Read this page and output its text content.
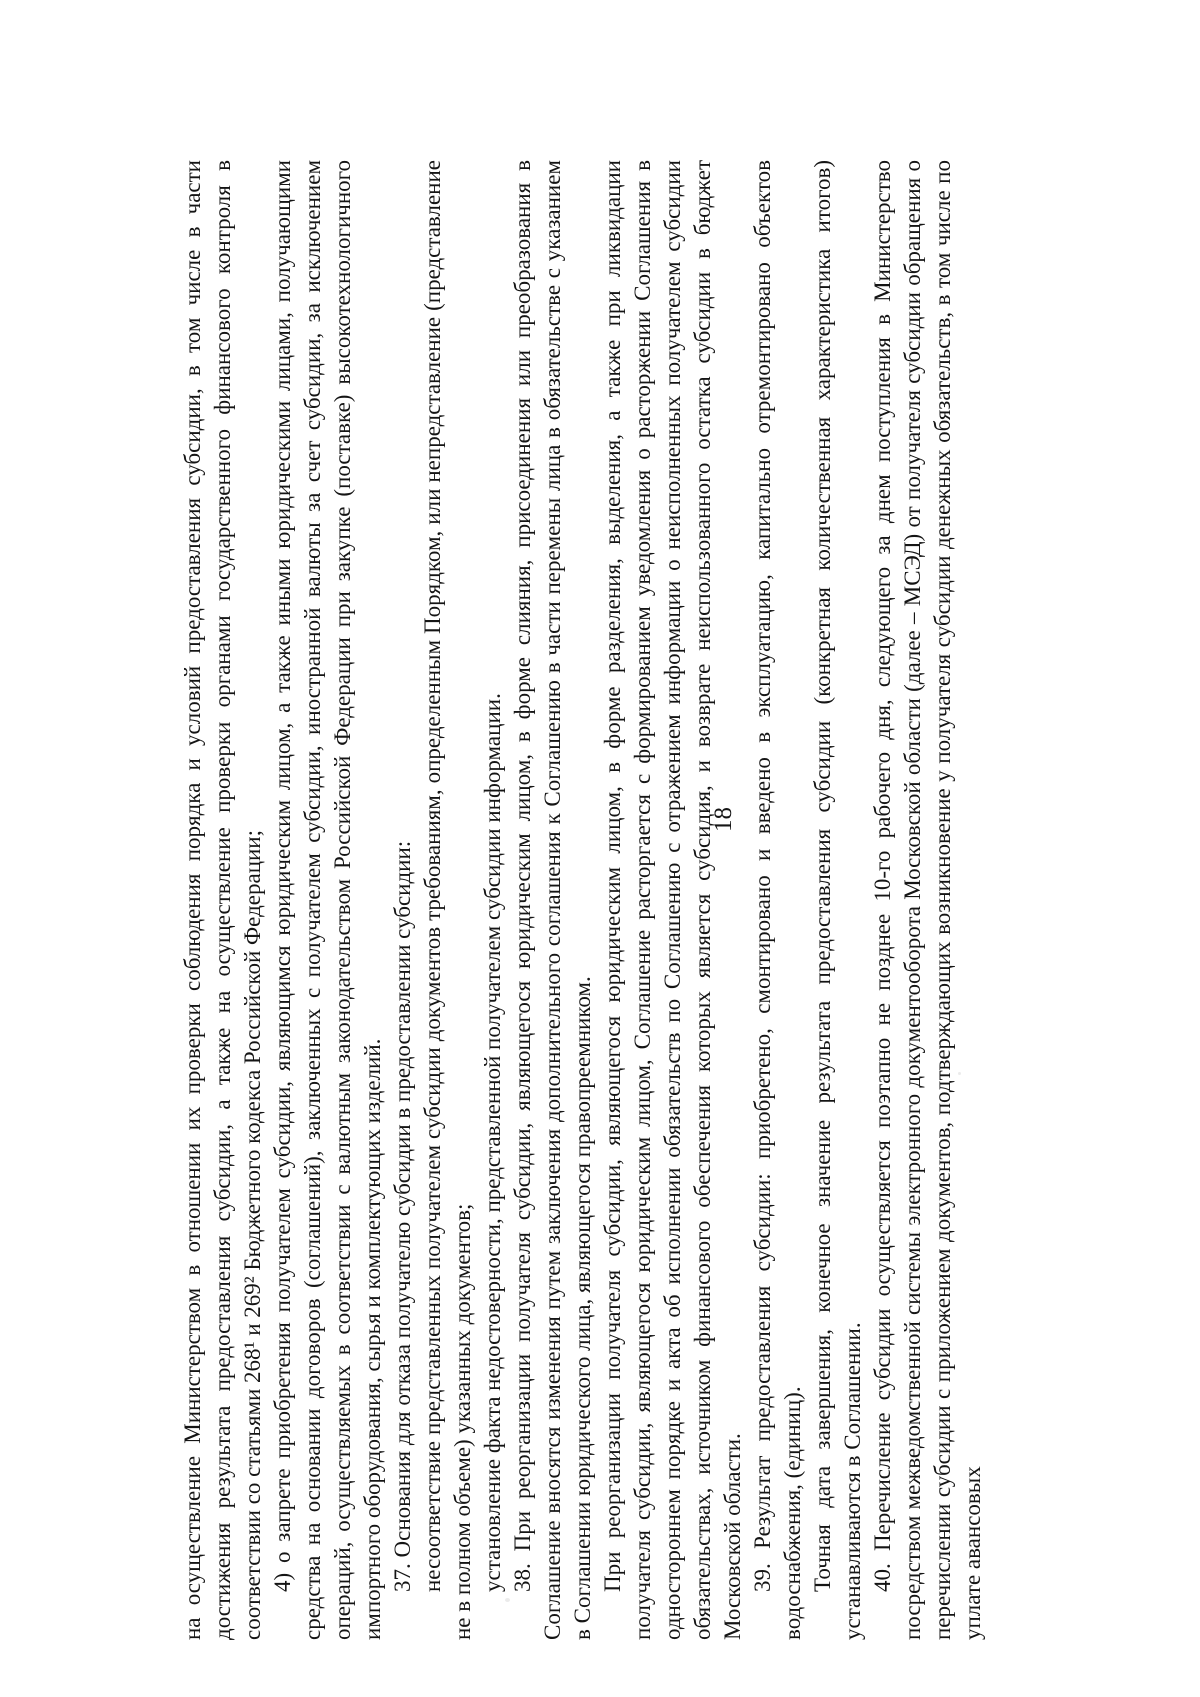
18

на осуществление Министерством в отношении их проверки соблюдения порядка и условий предоставления субсидии, в том числе в части достижения результата предоставления субсидии, а также на осуществление проверки органами государственного финансового контроля в соответствии со статьями 268¹ и 269² Бюджетного кодекса Российской Федерации; 4) о запрете приобретения получателем субсидии, являющимся юридическим лицом, а также иными юридическими лицами, получающими средства на основании договоров (соглашений), заключенных с получателем субсидии, иностранной валюты за счет субсидии, за исключением операций, осуществляемых в соответствии с валютным законодательством Российской Федерации при закупке (поставке) высокотехнологичного импортного оборудования, сырья и комплектующих изделий. 37. Основания для отказа получателю субсидии в предоставлении субсидии: несоответствие представленных получателем субсидии документов требованиям, определенным Порядком, или непредставление (представление не в полном объеме) указанных документов; установление факта недостоверности, представленной получателем субсидии информации. 38. При реорганизации получателя субсидии, являющегося юридическим лицом, в форме слияния, присоединения или преобразования в Соглашение вносятся изменения путем заключения дополнительного соглашения к Соглашению в части перемены лица в обязательстве с указанием в Соглашении юридического лица, являющегося правопреемником. При реорганизации получателя субсидии, являющегося юридическим лицом, в форме разделения, выделения, а также при ликвидации получателя субсидии, являющегося юридическим лицом, Соглашение расторгается с формированием уведомления о расторжении Соглашения в одностороннем порядке и акта об исполнении обязательств по Соглашению с отражением информации о неисполненных получателем субсидии обязательствах, источником финансового обеспечения которых является субсидия, и возврате неиспользованного остатка субсидии в бюджет Московской области. 39. Результат предоставления субсидии: приобретено, смонтировано и введено в эксплуатацию, капитально отремонтировано объектов водоснабжения, (единиц). Точная дата завершения, конечное значение результата предоставления субсидии (конкретная количественная характеристика итогов) устанавливаются в Соглашении. 40. Перечисление субсидии осуществляется поэтапно не позднее 10-го рабочего дня, следующего за днем поступления в Министерство посредством межведомственной системы электронного документооборота Московской области (далее – МСЭД) от получателя субсидии обращения о перечислении субсидии с приложением документов, подтверждающих возникновение у получателя субсидии денежных обязательств, в том числе по уплате авансовых
